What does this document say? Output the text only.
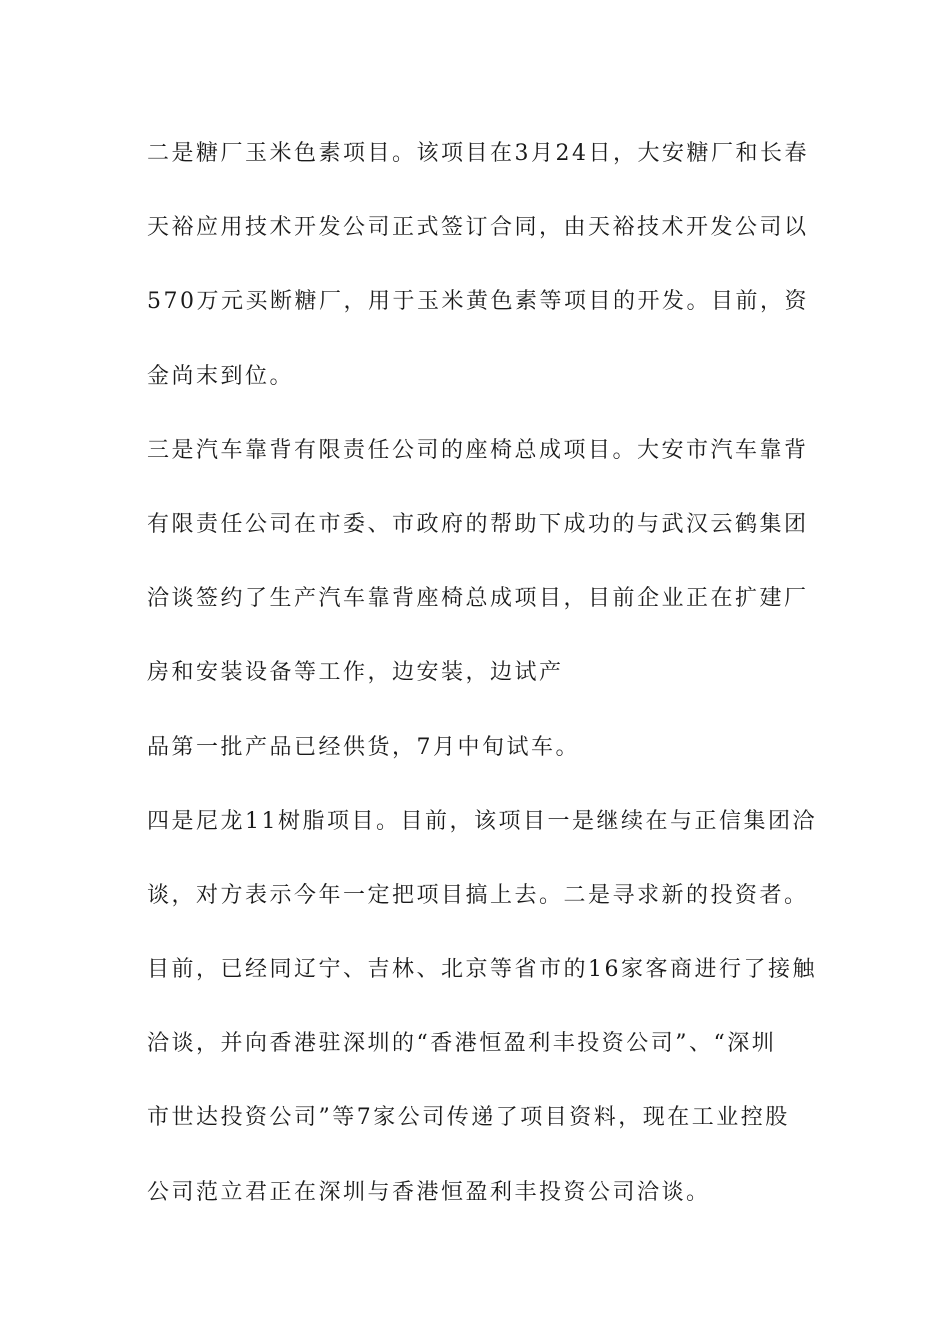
二是糖厂玉米色素项目。该项目在3月24日，大安糖厂和长春
天裕应用技术开发公司正式签订合同，由天裕技术开发公司以
570万元买断糖厂，用于玉米黄色素等项目的开发。目前，资
金尚末到位。
三是汽车靠背有限责任公司的座椅总成项目。大安市汽车靠背
有限责任公司在市委、市政府的帮助下成功的与武汉云鹤集团
洽谈签约了生产汽车靠背座椅总成项目，目前企业正在扩建厂
房和安装设备等工作，边安装，边试产
品第一批产品已经供货，7月中旬试车。
四是尼龙11树脂项目。目前，该项目一是继续在与正信集团洽
谈，对方表示今年一定把项目搞上去。二是寻求新的投资者。
目前，已经同辽宁、吉林、北京等省市的16家客商进行了接触
洽谈，并向香港驻深圳的“香港恒盈利丰投资公司”、“深圳
市世达投资公司”等7家公司传递了项目资料，现在工业控股
公司范立君正在深圳与香港恒盈利丰投资公司洽谈。
